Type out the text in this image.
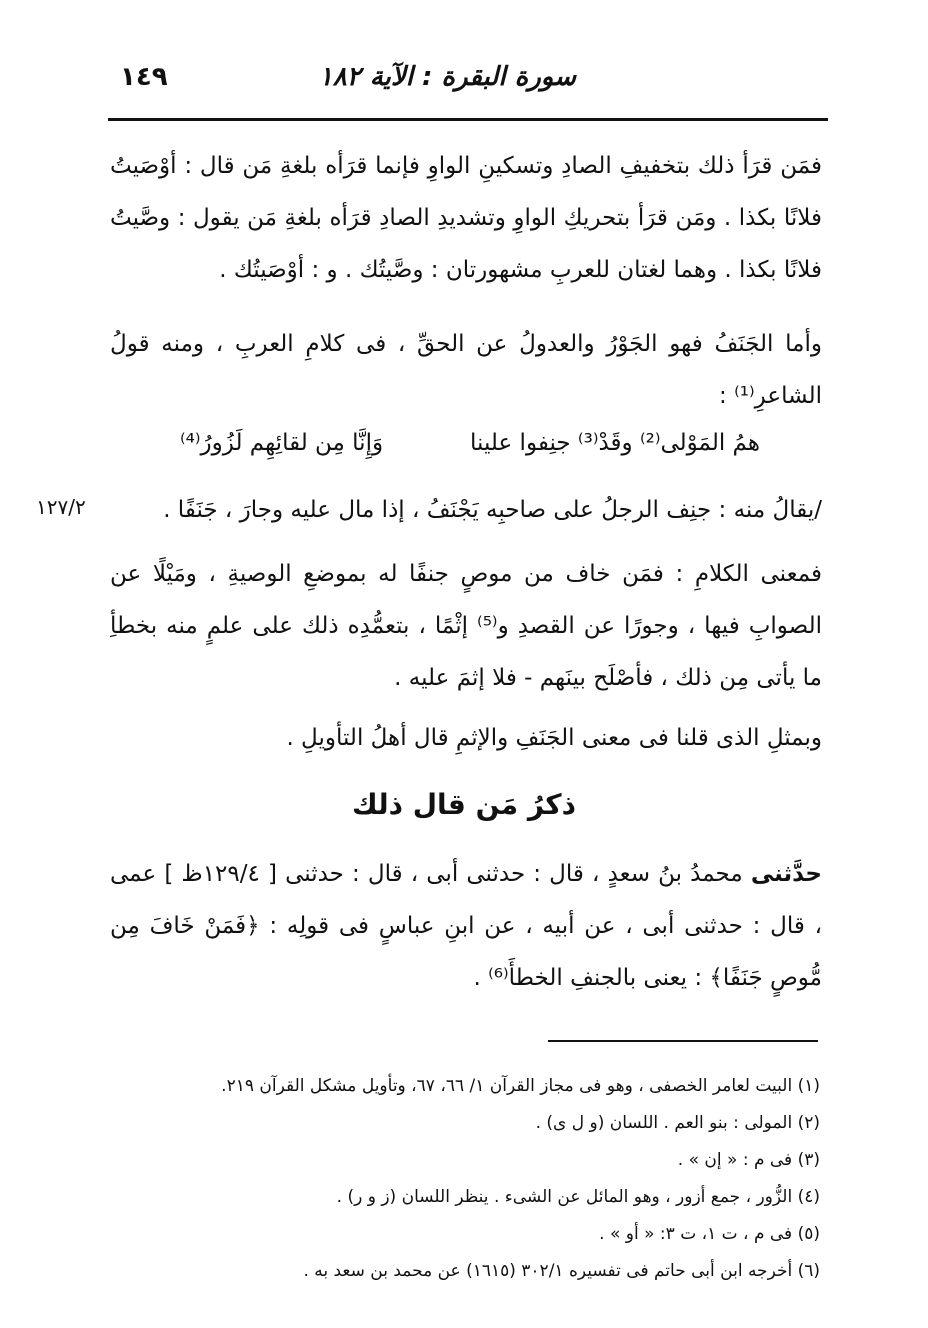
١٤٩	سورة البقرة : الآية ١٨٢

فمَن قرَأ ذلك بتخفيفِ الصادِ وتسكينِ الواوِ فإنما قرَأه بلغةِ مَن قال : أوْصَيتُ فلانًا بكذا . ومَن قرَأ بتحريكِ الواوِ وتشديدِ الصادِ قرَأه بلغةِ مَن يقول : وصَّيتُ فلانًا بكذا . وهما لغتان للعربِ مشهورتان : وصَّيتُك . و : أوْصَيتُك .

وأما الجَنَفُ فهو الجَوْرُ والعدولُ عن الحقِّ ، فى كلامِ العربِ ، ومنه قولُ الشاعرِ⁽¹⁾ :

همُ المَوْلى⁽²⁾ وقَدْ⁽³⁾ جنِفوا علينا
وَإِنَّا مِن لقائِهِم لَزُورُ⁽⁴⁾

/يقالُ منه : جنِف الرجلُ على صاحبِه يَجْنَفُ ، إذا مال عليه وجارَ ، جَنَفًا .

١٢٧/٢

فمعنى الكلامِ : فمَن خاف من موصٍ جنفًا له بموضعِ الوصيةِ ، ومَيْلًا عن الصوابِ فيها ، وجورًا عن القصدِ و⁽⁵⁾ إثْمًا ، بتعمُّدِه ذلك على علمٍ منه بخطأِ ما يأتى مِن ذلك ، فأصْلَح بينَهم - فلا إثمَ عليه .

وبمثلِ الذى قلنا فى معنى الجَنَفِ والإثمِ قال أهلُ التأويلِ .

ذكرُ مَن قال ذلك

حدَّثنى محمدُ بنُ سعدٍ ، قال : حدثنى أبى ، قال : حدثنى [ ١٢٩/٤ظ ] عمى ، قال : حدثنى أبى ، عن أبيه ، عن ابنِ عباسٍ فى قولِه : ﴿فَمَنْ خَافَ مِن مُّوصٍ جَنَفًا﴾ : يعنى بالجنفِ الخطأَ⁽⁶⁾ .

(١) البيت لعامر الخصفى ، وهو فى مجاز القرآن ١/ ٦٦، ٦٧، وتأويل مشكل القرآن ٢١٩.

(٢) المولى : بنو العم . اللسان (و ل ى) .

(٣) فى م : « إن » .

(٤) الزُّور ، جمع أزور ، وهو المائل عن الشىء . ينظر اللسان (ز و ر) .

(٥) فى م ، ت ١، ت ٣: « أو » .

(٦) أخرجه ابن أبى حاتم فى تفسيره ٣٠٢/١ (١٦١٥) عن محمد بن سعد به .
